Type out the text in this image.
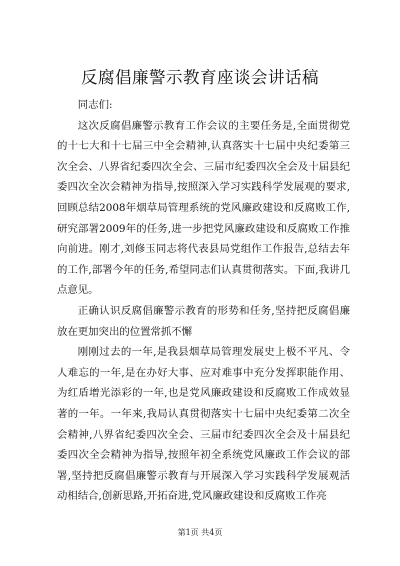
反腐倡廉警示教育座谈会讲话稿

同志们:

这次反腐倡廉警示教育工作会议的主要任务是,全面贯彻党的十七大和十七届三中全会精神,认真落实十七届中央纪委第三次全会、八界省纪委四次全会、三届市纪委四次全会及十届县纪委四次全次会精神为指导,按照深入学习实践科学发展观的要求,回顾总结2008年烟草局管理系统的党风廉政建设和反腐败工作,研究部署2009年的任务,进一步把党风廉政建设和反腐败工作推向前进。刚才,刘修玉同志将代表县局党组作工作报告,总结去年的工作,部署今年的任务,希望同志们认真贯彻落实。下面,我讲几点意见。

正确认识反腐倡廉警示教育的形势和任务,坚持把反腐倡廉放在更加突出的位置常抓不懈

刚刚过去的一年,是我县烟草局管理发展史上极不平凡、令人难忘的一年,是在办好大事、应对难事中充分发挥职能作用、为红盾增光添彩的一年,也是党风廉政建设和反腐败工作成效显著的一年。一年来,我局认真贯彻落实十七届中央纪委第二次全会精神,八界省纪委四次全会、三届市纪委四次全会及十届县纪委四次全会精神为指导,按照年初全系统党风廉政工作会议的部署,坚持把反腐倡廉警示教育与开展深入学习实践科学发展观活动相结合,创新思路,开拓奋进,党风廉政建设和反腐败工作亮

第1页 共4页
